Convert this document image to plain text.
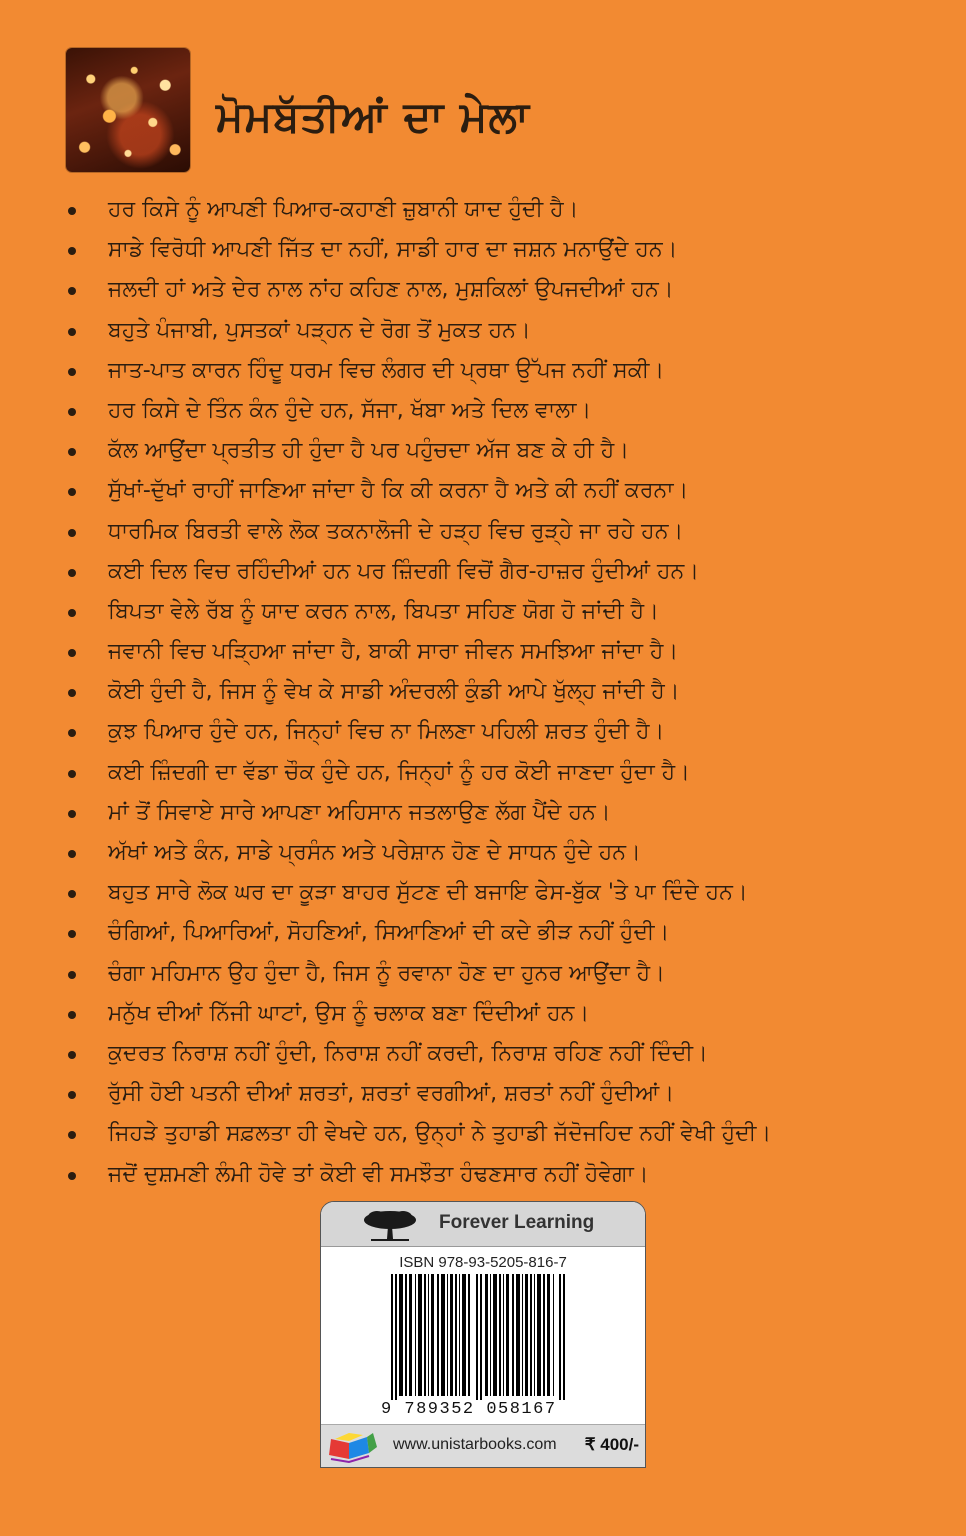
ਮੋਮਬੱਤੀਆਂ ਦਾ ਮੇਲਾ
ਹਰ ਕਿਸੇ ਨੂੰ ਆਪਣੀ ਪਿਆਰ-ਕਹਾਣੀ ਜ਼ੁਬਾਨੀ ਯਾਦ ਹੁੰਦੀ ਹੈ।
ਸਾਡੇ ਵਿਰੋਧੀ ਆਪਣੀ ਜਿੱਤ ਦਾ ਨਹੀਂ, ਸਾਡੀ ਹਾਰ ਦਾ ਜਸ਼ਨ ਮਨਾਉਂਦੇ ਹਨ।
ਜਲਦੀ ਹਾਂ ਅਤੇ ਦੇਰ ਨਾਲ ਨਾਂਹ ਕਹਿਣ ਨਾਲ, ਮੁਸ਼ਕਿਲਾਂ ਉਪਜਦੀਆਂ ਹਨ।
ਬਹੁਤੇ ਪੰਜਾਬੀ, ਪੁਸਤਕਾਂ ਪੜ੍ਹਨ ਦੇ ਰੋਗ ਤੋਂ ਮੁਕਤ ਹਨ।
ਜਾਤ-ਪਾਤ ਕਾਰਨ ਹਿੰਦੂ ਧਰਮ ਵਿਚ ਲੰਗਰ ਦੀ ਪ੍ਰਥਾ ਉੱਪਜ ਨਹੀਂ ਸਕੀ।
ਹਰ ਕਿਸੇ ਦੇ ਤਿੰਨ ਕੰਨ ਹੁੰਦੇ ਹਨ, ਸੱਜਾ, ਖੱਬਾ ਅਤੇ ਦਿਲ ਵਾਲਾ।
ਕੱਲ ਆਉਂਦਾ ਪ੍ਰਤੀਤ ਹੀ ਹੁੰਦਾ ਹੈ ਪਰ ਪਹੁੰਚਦਾ ਅੱਜ ਬਣ ਕੇ ਹੀ ਹੈ।
ਸੁੱਖਾਂ-ਦੁੱਖਾਂ ਰਾਹੀਂ ਜਾਣਿਆ ਜਾਂਦਾ ਹੈ ਕਿ ਕੀ ਕਰਨਾ ਹੈ ਅਤੇ ਕੀ ਨਹੀਂ ਕਰਨਾ।
ਧਾਰਮਿਕ ਬਿਰਤੀ ਵਾਲੇ ਲੋਕ ਤਕਨਾਲੋਜੀ ਦੇ ਹੜ੍ਹ ਵਿਚ ਰੁੜ੍ਹੇ ਜਾ ਰਹੇ ਹਨ।
ਕਈ ਦਿਲ ਵਿਚ ਰਹਿੰਦੀਆਂ ਹਨ ਪਰ ਜ਼ਿੰਦਗੀ ਵਿਚੋਂ ਗੈਰ-ਹਾਜ਼ਰ ਹੁੰਦੀਆਂ ਹਨ।
ਬਿਪਤਾ ਵੇਲੇ ਰੱਬ ਨੂੰ ਯਾਦ ਕਰਨ ਨਾਲ, ਬਿਪਤਾ ਸਹਿਣ ਯੋਗ ਹੋ ਜਾਂਦੀ ਹੈ।
ਜਵਾਨੀ ਵਿਚ ਪੜ੍ਹਿਆ ਜਾਂਦਾ ਹੈ, ਬਾਕੀ ਸਾਰਾ ਜੀਵਨ ਸਮਝਿਆ ਜਾਂਦਾ ਹੈ।
ਕੋਈ ਹੁੰਦੀ ਹੈ, ਜਿਸ ਨੂੰ ਵੇਖ ਕੇ ਸਾਡੀ ਅੰਦਰਲੀ ਕੁੰਡੀ ਆਪੇ ਖੁੱਲ੍ਹ ਜਾਂਦੀ ਹੈ।
ਕੁਝ ਪਿਆਰ ਹੁੰਦੇ ਹਨ, ਜਿਨ੍ਹਾਂ ਵਿਚ ਨਾ ਮਿਲਣਾ ਪਹਿਲੀ ਸ਼ਰਤ ਹੁੰਦੀ ਹੈ।
ਕਈ ਜ਼ਿੰਦਗੀ ਦਾ ਵੱਡਾ ਚੌਕ ਹੁੰਦੇ ਹਨ, ਜਿਨ੍ਹਾਂ ਨੂੰ ਹਰ ਕੋਈ ਜਾਣਦਾ ਹੁੰਦਾ ਹੈ।
ਮਾਂ ਤੋਂ ਸਿਵਾਏ ਸਾਰੇ ਆਪਣਾ ਅਹਿਸਾਨ ਜਤਲਾਉਣ ਲੱਗ ਪੈਂਦੇ ਹਨ।
ਅੱਖਾਂ ਅਤੇ ਕੰਨ, ਸਾਡੇ ਪ੍ਰਸੰਨ ਅਤੇ ਪਰੇਸ਼ਾਨ ਹੋਣ ਦੇ ਸਾਧਨ ਹੁੰਦੇ ਹਨ।
ਬਹੁਤ ਸਾਰੇ ਲੋਕ ਘਰ ਦਾ ਕੂੜਾ ਬਾਹਰ ਸੁੱਟਣ ਦੀ ਬਜਾਇ ਫੇਸ-ਬੁੱਕ 'ਤੇ ਪਾ ਦਿੰਦੇ ਹਨ।
ਚੰਗਿਆਂ, ਪਿਆਰਿਆਂ, ਸੋਹਣਿਆਂ, ਸਿਆਣਿਆਂ ਦੀ ਕਦੇ ਭੀੜ ਨਹੀਂ ਹੁੰਦੀ।
ਚੰਗਾ ਮਹਿਮਾਨ ਉਹ ਹੁੰਦਾ ਹੈ, ਜਿਸ ਨੂੰ ਰਵਾਨਾ ਹੋਣ ਦਾ ਹੁਨਰ ਆਉਂਦਾ ਹੈ।
ਮਨੁੱਖ ਦੀਆਂ ਨਿੱਜੀ ਘਾਟਾਂ, ਉਸ ਨੂੰ ਚਲਾਕ ਬਣਾ ਦਿੰਦੀਆਂ ਹਨ।
ਕੁਦਰਤ ਨਿਰਾਸ਼ ਨਹੀਂ ਹੁੰਦੀ, ਨਿਰਾਸ਼ ਨਹੀਂ ਕਰਦੀ, ਨਿਰਾਸ਼ ਰਹਿਣ ਨਹੀਂ ਦਿੰਦੀ।
ਰੁੱਸੀ ਹੋਈ ਪਤਨੀ ਦੀਆਂ ਸ਼ਰਤਾਂ, ਸ਼ਰਤਾਂ ਵਰਗੀਆਂ, ਸ਼ਰਤਾਂ ਨਹੀਂ ਹੁੰਦੀਆਂ।
ਜਿਹੜੇ ਤੁਹਾਡੀ ਸਫ਼ਲਤਾ ਹੀ ਵੇਖਦੇ ਹਨ, ਉਨ੍ਹਾਂ ਨੇ ਤੁਹਾਡੀ ਜੱਦੋਜਹਿਦ ਨਹੀਂ ਵੇਖੀ ਹੁੰਦੀ।
ਜਦੋਂ ਦੁਸ਼ਮਣੀ ਲੰਮੀ ਹੋਵੇ ਤਾਂ ਕੋਈ ਵੀ ਸਮਝੌਤਾ ਹੰਢਣਸਾਰ ਨਹੀਂ ਹੋਵੇਗਾ।
Forever Learning
ISBN 978-93-5205-816-7
9 789352 058167
www.unistarbooks.com ₹ 400/-
